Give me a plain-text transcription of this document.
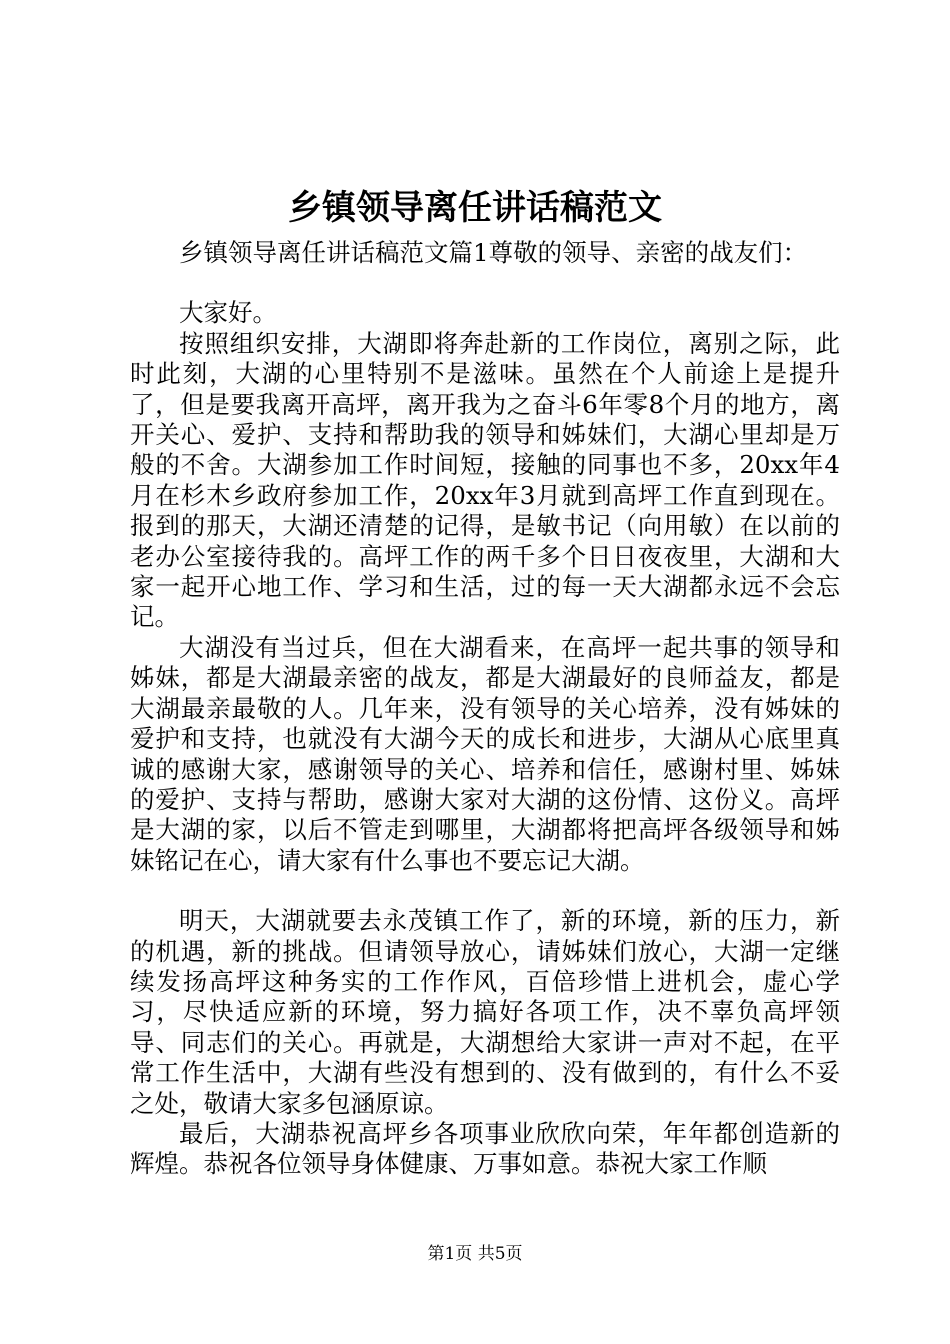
乡镇领导离任讲话稿范文

乡镇领导离任讲话稿范文篇1尊敬的领导、亲密的战友们：

大家好。

按照组织安排，大湖即将奔赴新的工作岗位，离别之际，此时此刻，大湖的心里特别不是滋味。虽然在个人前途上是提升了，但是要我离开高坪，离开我为之奋斗6年零8个月的地方，离开关心、爱护、支持和帮助我的领导和姊妹们，大湖心里却是万般的不舍。大湖参加工作时间短，接触的同事也不多，20xx年4月在杉木乡政府参加工作，20xx年3月就到高坪工作直到现在。报到的那天，大湖还清楚的记得，是敏书记（向用敏）在以前的老办公室接待我的。高坪工作的两千多个日日夜夜里，大湖和大家一起开心地工作、学习和生活，过的每一天大湖都永远不会忘记。

大湖没有当过兵，但在大湖看来，在高坪一起共事的领导和姊妹，都是大湖最亲密的战友，都是大湖最好的良师益友，都是大湖最亲最敬的人。几年来，没有领导的关心培养，没有姊妹的爱护和支持，也就没有大湖今天的成长和进步，大湖从心底里真诚的感谢大家，感谢领导的关心、培养和信任，感谢村里、姊妹的爱护、支持与帮助，感谢大家对大湖的这份情、这份义。高坪是大湖的家，以后不管走到哪里，大湖都将把高坪各级领导和姊妹铭记在心，请大家有什么事也不要忘记大湖。

明天，大湖就要去永茂镇工作了，新的环境，新的压力，新的机遇，新的挑战。但请领导放心，请姊妹们放心，大湖一定继续发扬高坪这种务实的工作作风，百倍珍惜上进机会，虚心学习，尽快适应新的环境，努力搞好各项工作，决不辜负高坪领导、同志们的关心。再就是，大湖想给大家讲一声对不起，在平常工作生活中，大湖有些没有想到的、没有做到的，有什么不妥之处，敬请大家多包涵原谅。

最后，大湖恭祝高坪乡各项事业欣欣向荣，年年都创造新的辉煌。恭祝各位领导身体健康、万事如意。恭祝大家工作顺

第1页 共5页
